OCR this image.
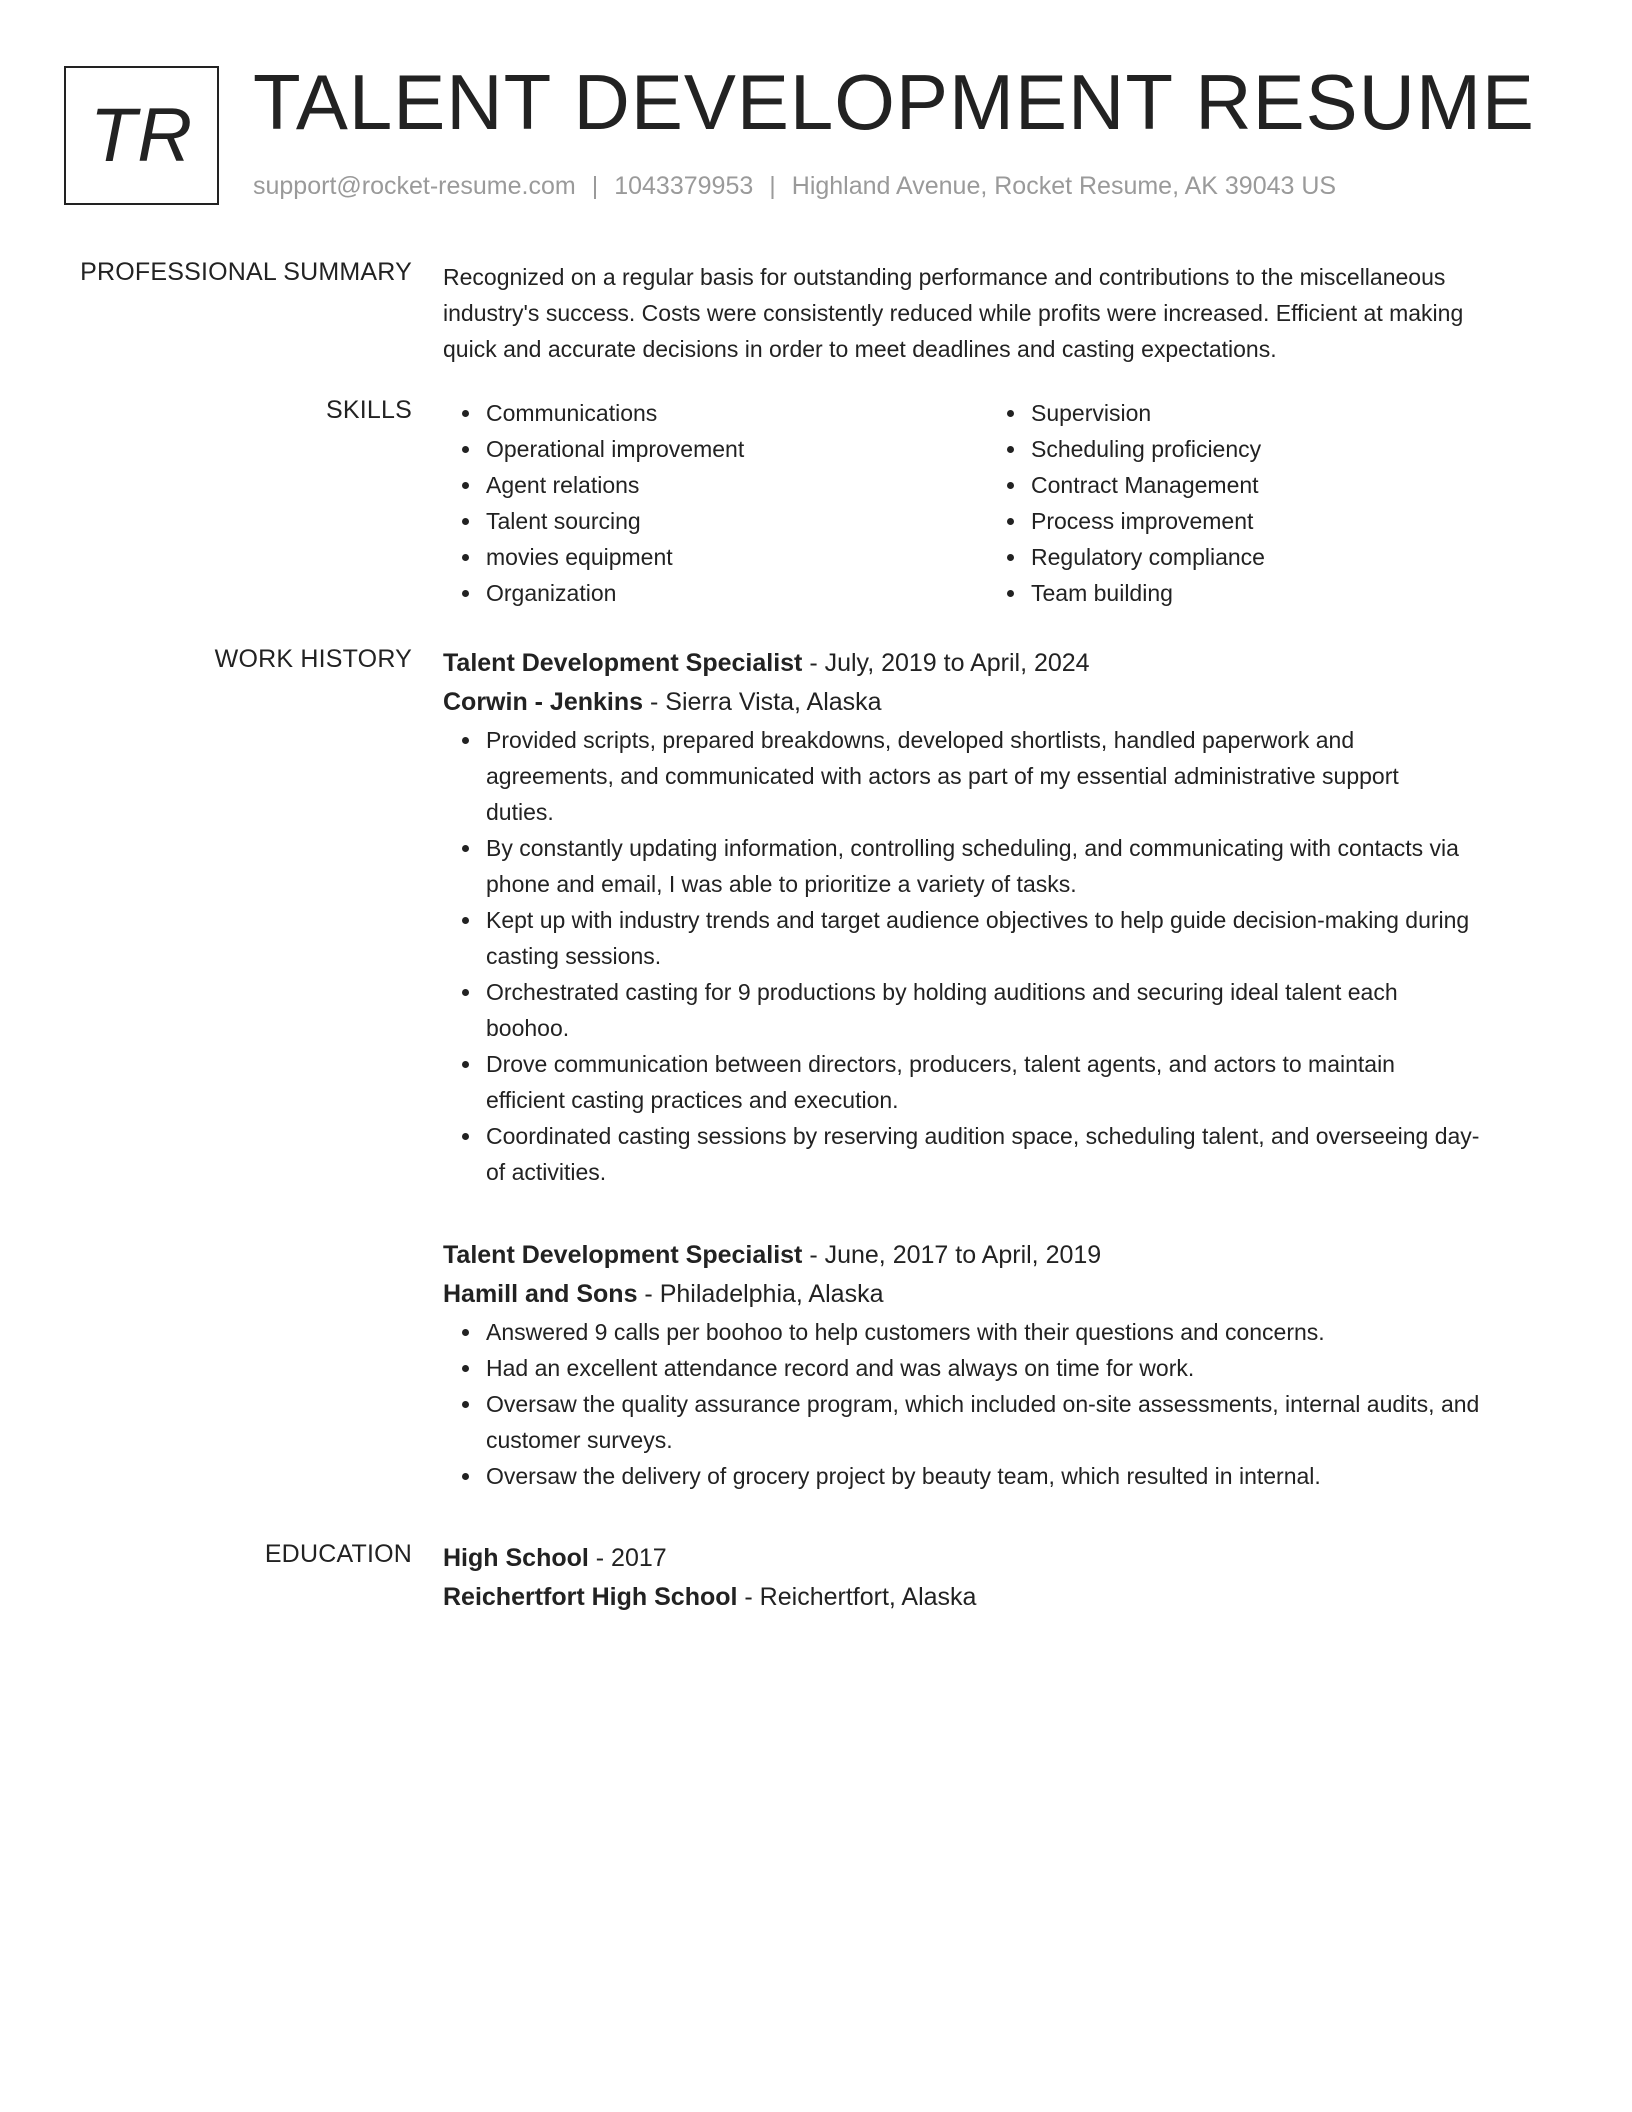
TR TALENT DEVELOPMENT RESUME
support@rocket-resume.com | 1043379953 | Highland Avenue, Rocket Resume, AK 39043 US
PROFESSIONAL SUMMARY Recognized on a regular basis for outstanding performance and contributions to the miscellaneous
industry's success. Costs were consistently reduced while profits were increased. Efficient at making
quick and accurate decisions in order to meet deadlines and casting expectations.

SKILLS	Communications
Operational improvement
Agent relations
Talent sourcing
movies equipment
Organization
Supervision
Scheduling proficiency
Contract Management
Process improvement
Regulatory compliance
Team building
WORK HISTORY Talent Development Specialist - July, 2019 to April, 2024
Corwin - Jenkins - Sierra Vista, Alaska
Provided scripts, prepared breakdowns, developed shortlists, handled paperwork and
agreements, and communicated with actors as part of my essential administrative support
duties.
By constantly updating information, controlling scheduling, and communicating with contacts via
phone and email, I was able to prioritize a variety of tasks.
Kept up with industry trends and target audience objectives to help guide decision-making during
casting sessions.
Orchestrated casting for 9 productions by holding auditions and securing ideal talent each
boohoo.
Drove communication between directors, producers, talent agents, and actors to maintain
efficient casting practices and execution.
Coordinated casting sessions by reserving audition space, scheduling talent, and overseeing day-
of activities.
Talent Development Specialist - June, 2017 to April, 2019
Hamill and Sons - Philadelphia, Alaska
Answered 9 calls per boohoo to help customers with their questions and concerns.
Had an excellent attendance record and was always on time for work.
Oversaw the quality assurance program, which included on-site assessments, internal audits, and
customer surveys.
Oversaw the delivery of grocery project by beauty team, which resulted in internal.
EDUCATION High School - 2017
Reichertfort High School - Reichertfort, Alaska
